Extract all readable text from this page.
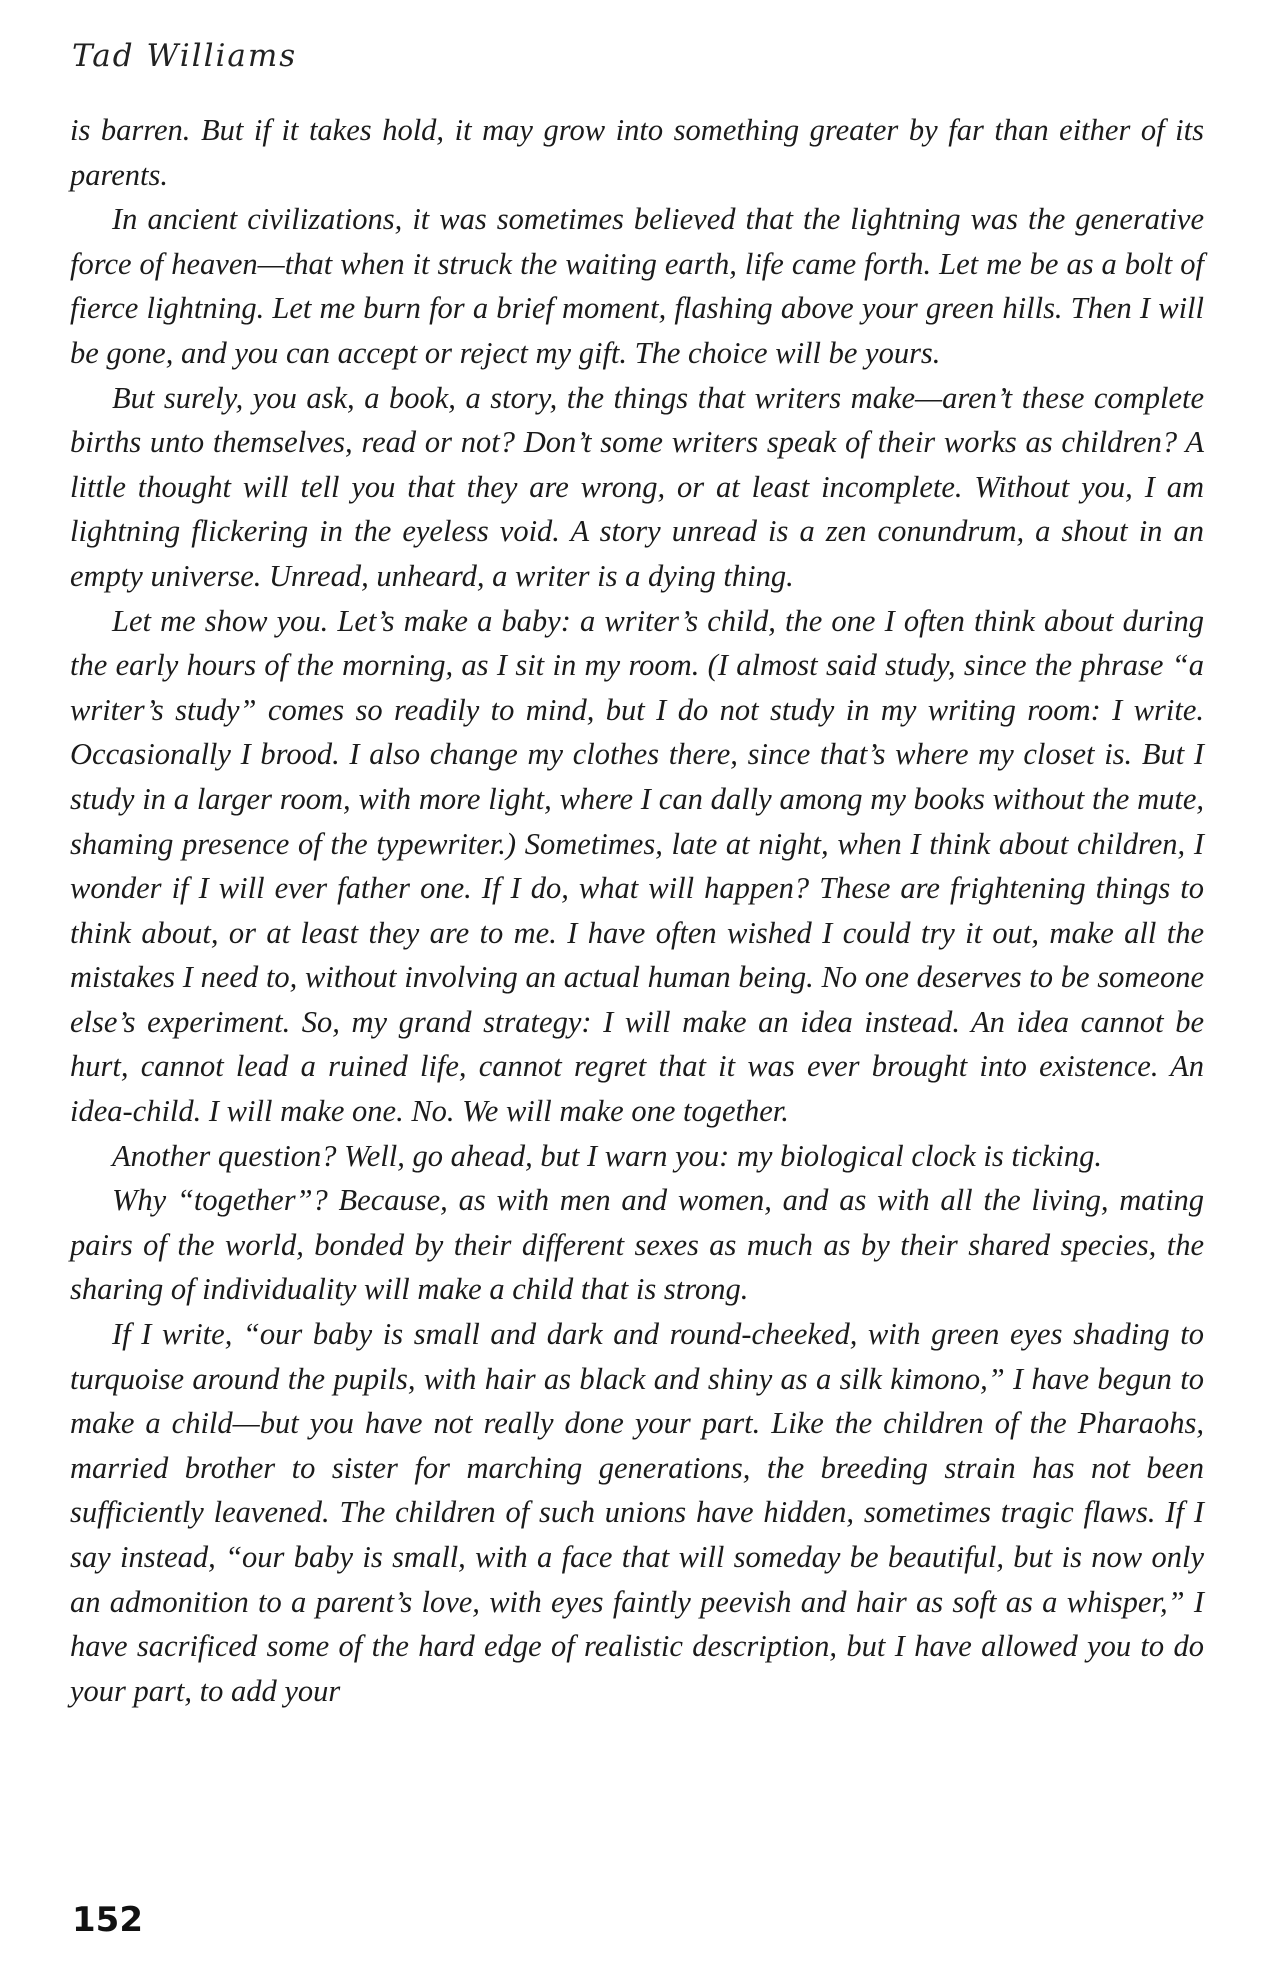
Tad Williams

is barren. But if it takes hold, it may grow into something greater by far than either of its parents.

In ancient civilizations, it was sometimes believed that the lightning was the generative force of heaven—that when it struck the waiting earth, life came forth. Let me be as a bolt of fierce lightning. Let me burn for a brief moment, flashing above your green hills. Then I will be gone, and you can accept or reject my gift. The choice will be yours.

But surely, you ask, a book, a story, the things that writers make—aren’t these complete births unto themselves, read or not? Don’t some writers speak of their works as children? A little thought will tell you that they are wrong, or at least incomplete. Without you, I am lightning flickering in the eyeless void. A story unread is a zen conundrum, a shout in an empty universe. Unread, unheard, a writer is a dying thing.

Let me show you. Let’s make a baby: a writer’s child, the one I often think about during the early hours of the morning, as I sit in my room. (I almost said study, since the phrase “a writer’s study” comes so readily to mind, but I do not study in my writing room: I write. Occasionally I brood. I also change my clothes there, since that’s where my closet is. But I study in a larger room, with more light, where I can dally among my books without the mute, shaming presence of the typewriter.) Sometimes, late at night, when I think about children, I wonder if I will ever father one. If I do, what will happen? These are frightening things to think about, or at least they are to me. I have often wished I could try it out, make all the mistakes I need to, without involving an actual human being. No one deserves to be someone else’s experiment. So, my grand strategy: I will make an idea instead. An idea cannot be hurt, cannot lead a ruined life, cannot regret that it was ever brought into existence. An idea-child. I will make one. No. We will make one together.

Another question? Well, go ahead, but I warn you: my biological clock is ticking.

Why “together”? Because, as with men and women, and as with all the living, mating pairs of the world, bonded by their different sexes as much as by their shared species, the sharing of individuality will make a child that is strong.

If I write, “our baby is small and dark and round-cheeked, with green eyes shading to turquoise around the pupils, with hair as black and shiny as a silk kimono,” I have begun to make a child—but you have not really done your part. Like the children of the Pharaohs, married brother to sister for marching generations, the breeding strain has not been sufficiently leavened. The children of such unions have hidden, sometimes tragic flaws. If I say instead, “our baby is small, with a face that will someday be beautiful, but is now only an admonition to a parent’s love, with eyes faintly peevish and hair as soft as a whisper,” I have sacrificed some of the hard edge of realistic description, but I have allowed you to do your part, to add your

152
